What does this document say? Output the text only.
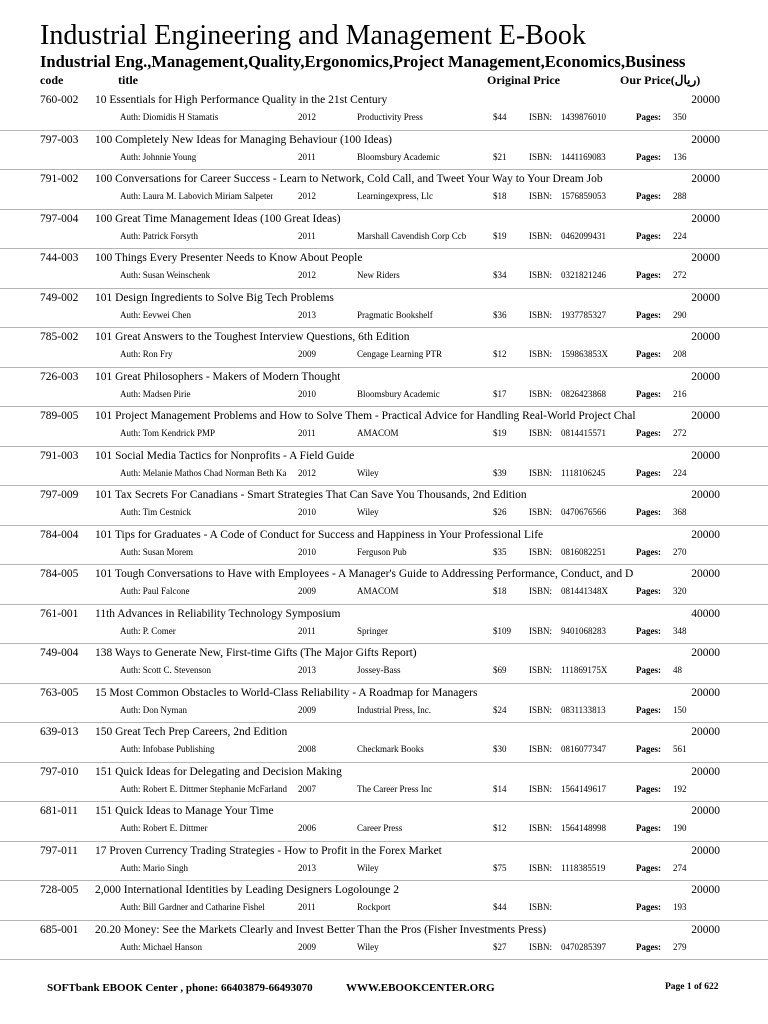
Industrial Engineering and Management E-Book
Industrial Eng.,Management,Quality,Ergonomics,Project Management,Economics,Business
code	title	Original Price	Our Price(ریال)
760-002 10 Essentials for High Performance Quality in the 21st Century	20000
Auth: Diomidis H Stamatis	2012	Productivity Press	$44	ISBN: 1439876010	Pages: 350
797-003 100 Completely New Ideas for Managing Behaviour (100 Ideas)	20000
Auth: Johnnie Young	2011	Bloomsbury Academic	$21	ISBN: 1441169083	Pages: 136
791-002 100 Conversations for Career Success - Learn to Network, Cold Call, and Tweet Your Way to Your Dream Job	20000
Auth: Laura M. Labovich Miriam Salpeter	2012	Learningexpress, Llc	$18	ISBN: 1576859053	Pages: 288
797-004 100 Great Time Management Ideas (100 Great Ideas)	20000
Auth: Patrick Forsyth	2011	Marshall Cavendish Corp Ccb	$19	ISBN: 0462099431	Pages: 224
744-003 100 Things Every Presenter Needs to Know About People	20000
Auth: Susan Weinschenk	2012	New Riders	$34	ISBN: 0321821246	Pages: 272
749-002 101 Design Ingredients to Solve Big Tech Problems	20000
Auth: Eevwei Chen	2013	Pragmatic Bookshelf	$36	ISBN: 1937785327	Pages: 290
785-002 101 Great Answers to the Toughest Interview Questions, 6th Edition	20000
Auth: Ron Fry	2009	Cengage Learning PTR	$12	ISBN: 159863853X	Pages: 208
726-003 101 Great Philosophers - Makers of Modern Thought	20000
Auth: Madsen Pirie	2010	Bloomsbury Academic	$17	ISBN: 0826423868	Pages: 216
789-005 101 Project Management Problems and How to Solve Them - Practical Advice for Handling Real-World Project Chal	20000
Auth: Tom Kendrick PMP	2011	AMACOM	$19	ISBN: 0814415571	Pages: 272
791-003 101 Social Media Tactics for Nonprofits - A Field Guide	20000
Auth: Melanie Mathos Chad Norman Beth Ka 2012	Wiley	$39	ISBN: 1118106245	Pages: 224
797-009 101 Tax Secrets For Canadians - Smart Strategies That Can Save You Thousands, 2nd Edition	20000
Auth: Tim Cestnick	2010	Wiley	$26	ISBN: 0470676566	Pages: 368
784-004 101 Tips for Graduates - A Code of Conduct for Success and Happiness in Your Professional Life	20000
Auth: Susan Morem	2010	Ferguson Pub	$35	ISBN: 0816082251	Pages: 270
784-005 101 Tough Conversations to Have with Employees - A Manager's Guide to Addressing Performance, Conduct, and D	20000
Auth: Paul Falcone	2009	AMACOM	$18	ISBN: 081441348X	Pages: 320
761-001 11th Advances in Reliability Technology Symposium	40000
Auth: P. Comer	2011	Springer	$109 ISBN: 9401068283	Pages: 348
749-004 138 Ways to Generate New, First-time Gifts (The Major Gifts Report)	20000
Auth: Scott C. Stevenson	2013	Jossey-Bass	$69	ISBN: 111869175X	Pages: 48
763-005 15 Most Common Obstacles to World-Class Reliability - A Roadmap for Managers	20000
Auth: Don Nyman	2009	Industrial Press, Inc.	$24	ISBN: 0831133813	Pages: 150
639-013 150 Great Tech Prep Careers, 2nd Edition	20000
Auth: Infobase Publishing	2008	Checkmark Books	$30	ISBN: 0816077347	Pages: 561
797-010 151 Quick Ideas for Delegating and Decision Making	20000
Auth: Robert E. Dittmer Stephanie McFarland 2007	The Career Press Inc	$14	ISBN: 1564149617	Pages: 192
681-011 151 Quick Ideas to Manage Your Time	20000
Auth: Robert E. Dittmer	2006	Career Press	$12	ISBN: 1564148998	Pages: 190
797-011 17 Proven Currency Trading Strategies - How to Profit in the Forex Market	20000
Auth: Mario Singh	2013	Wiley	$75	ISBN: 1118385519	Pages: 274
728-005 2,000 International Identities by Leading Designers Logolounge 2	20000
Auth: Bill Gardner and Catharine Fishel	2011	Rockport	$44	ISBN:	Pages: 193
685-001 20.20 Money: See the Markets Clearly and Invest Better Than the Pros (Fisher Investments Press)	20000
Auth: Michael Hanson	2009	Wiley	$27	ISBN: 0470285397	Pages: 279
SOFTbank EBOOK Center , phone: 66403879-66493070	WWW.EBOOKCENTER.ORG	Page 1 of 622
